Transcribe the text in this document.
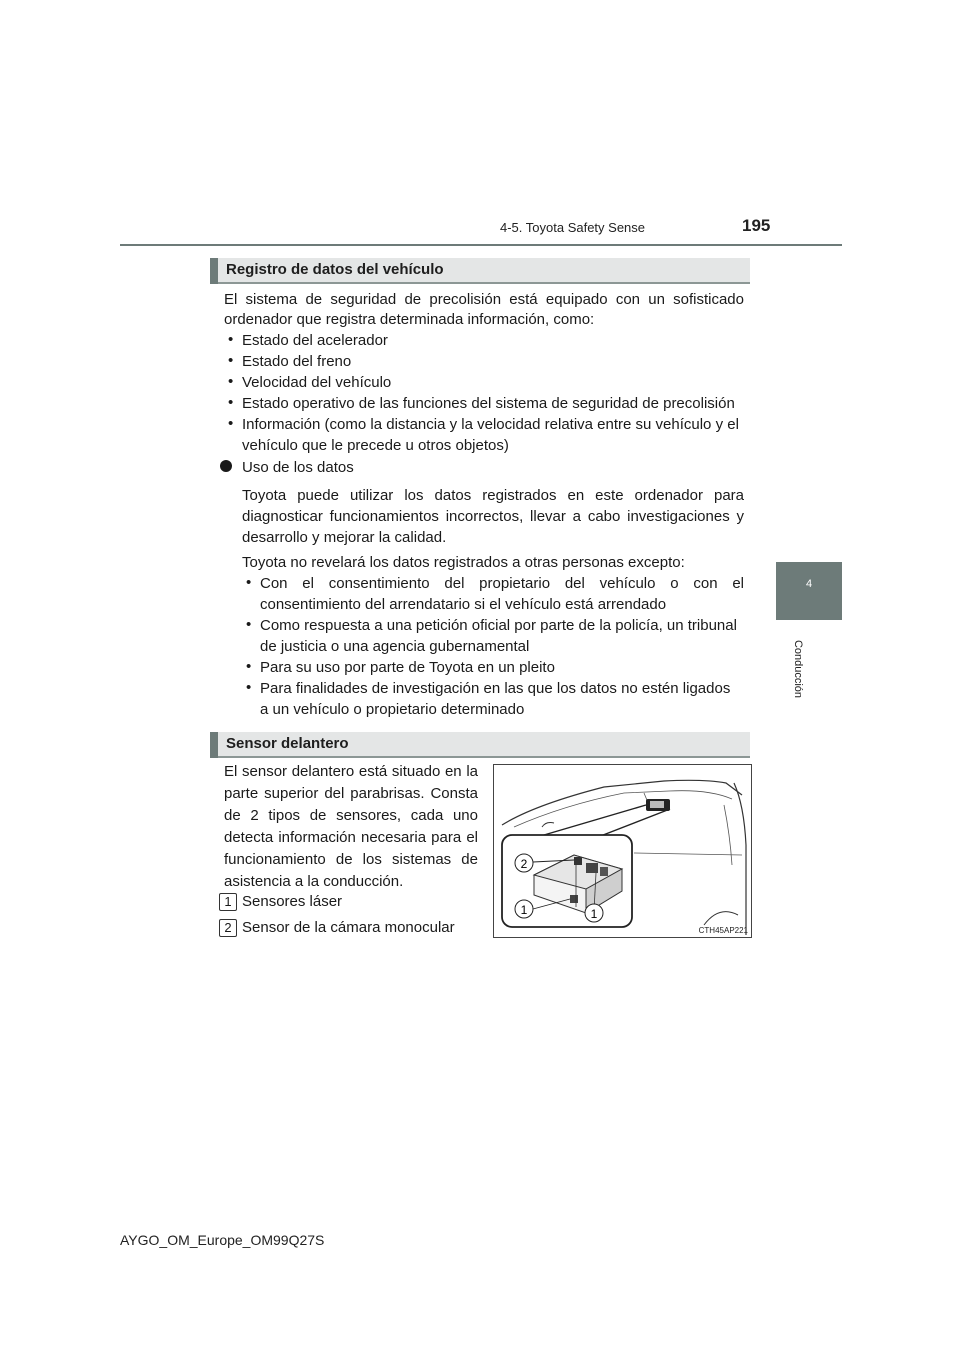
4-5. Toyota Safety Sense	195
4
Conducción
Registro de datos del vehículo
El sistema de seguridad de precolisión está equipado con un sofisticado
ordenador que registra determinada información, como:
• Estado del acelerador
• Estado del freno
• Velocidad del vehículo
• Estado operativo de las funciones del sistema de seguridad de precolisión
• Información (como la distancia y la velocidad relativa entre su vehículo y el
vehículo que le precede u otros objetos)
Uso de los datos
Toyota puede utilizar los datos registrados en este ordenador para
diagnosticar funcionamientos incorrectos, llevar a cabo investigaciones y
desarrollo y mejorar la calidad.
Toyota no revelará los datos registrados a otras personas excepto:
• Con el consentimiento del propietario del vehículo o con el
consentimiento del arrendatario si el vehículo está arrendado
• Como respuesta a una petición oficial por parte de la policía, un tribunal
de justicia o una agencia gubernamental
• Para su uso por parte de Toyota en un pleito
• Para finalidades de investigación en las que los datos no estén ligados
a un vehículo o propietario determinado
Sensor delantero
El sensor delantero está situado en la
parte superior del parabrisas. Consta
de 2 tipos de sensores, cada uno
detecta información necesaria para el
funcionamiento de los sistemas de
asistencia a la conducción.
1 Sensores láser
2 Sensor de la cámara monocular
2
1	1
CTH45AP221
AYGO_OM_Europe_OM99Q27S
